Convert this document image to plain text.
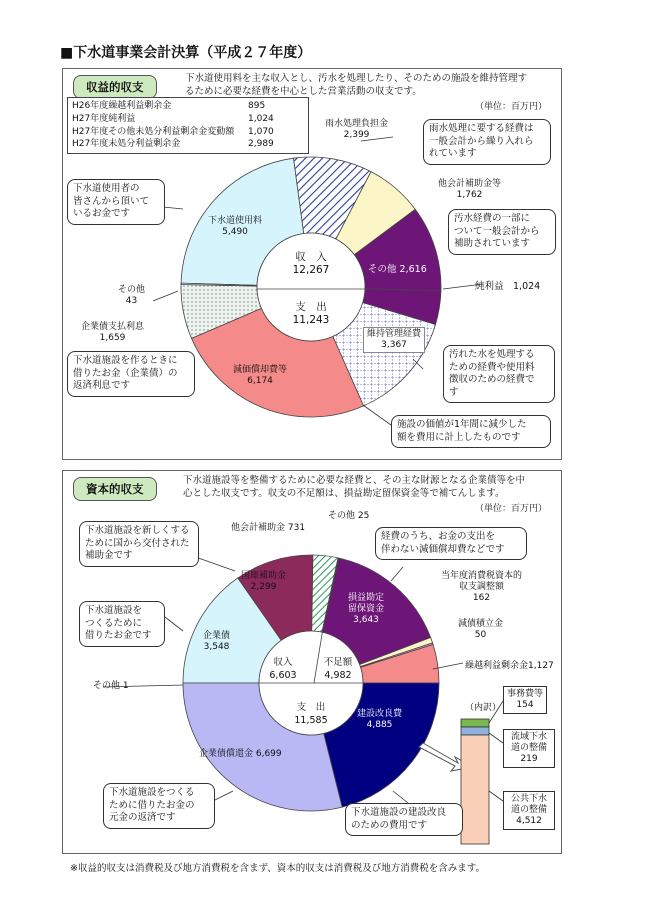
■下水道事業会計決算（平成２７年度）
収益的収支
下水道使用料を主な収入とし、汚水を処理したり、そのための施設を維持管理す
るために必要な経費を中心とした営業活動の収支です。
（単位：百万円）
H26年度繰越利益剰余金	895
H27年度純利益	1,024
H27年度その他未処分利益剰余金変動額	1,070
H27年度未処分利益剰余金	2,989
下水道使用料
5,490
雨水処理負担金
2,399
他会計補助金等
1,762
その他 2,616
維持管理経費
3,367
減価償却費等
6,174
企業債支払利息
1,659
その他
43
純利益　1,024
収　入
12,267
支　出
11,243
雨水処理に要する経費は
一般会計から繰り入れら
れています
汚水経費の一部に
ついて一般会計から
補助されています
下水道使用者の
皆さんから頂いて
いるお金です
下水道施設を作るときに
借りたお金（企業債）の
返済利息です
汚れた水を処理する
ための経費や使用料
徴収のための経費で
す
施設の価値が1年間に減少した
額を費用に計上したものです
資本的収支
下水道施設等を整備するために必要な経費と、その主な財源となる企業債等を中
心とした収支です。収支の不足額は、損益勘定留保資金等で補てんします。
（単位：百万円）
他会計補助金 731
その他 25
国庫補助金
2,299
企業債
3,548
その他 1
損益勘定
留保資金
3,643
当年度消費税資本的
収支調整額
162
減債積立金
50
繰越利益剰余金1,127
建設改良費
4,885
企業債償還金 6,699
収入
6,603
不足額
4,982
支　出
11,585
（内訳）
事務費等
154
流域下水
道の整備
219
公共下水
道の整備
4,512
下水道施設を新しくする
ために国から交付された
補助金です
下水道施設を
つくるために
借りたお金です
経費のうち、お金の支出を
伴わない減価償却費などです
下水道施設をつくる
ために借りたお金の
元金の返済です	下水道施設の建設改良
のための費用です
※収益的収支は消費税及び地方消費税を含まず、資本的収支は消費税及び地方消費税を含みます。
